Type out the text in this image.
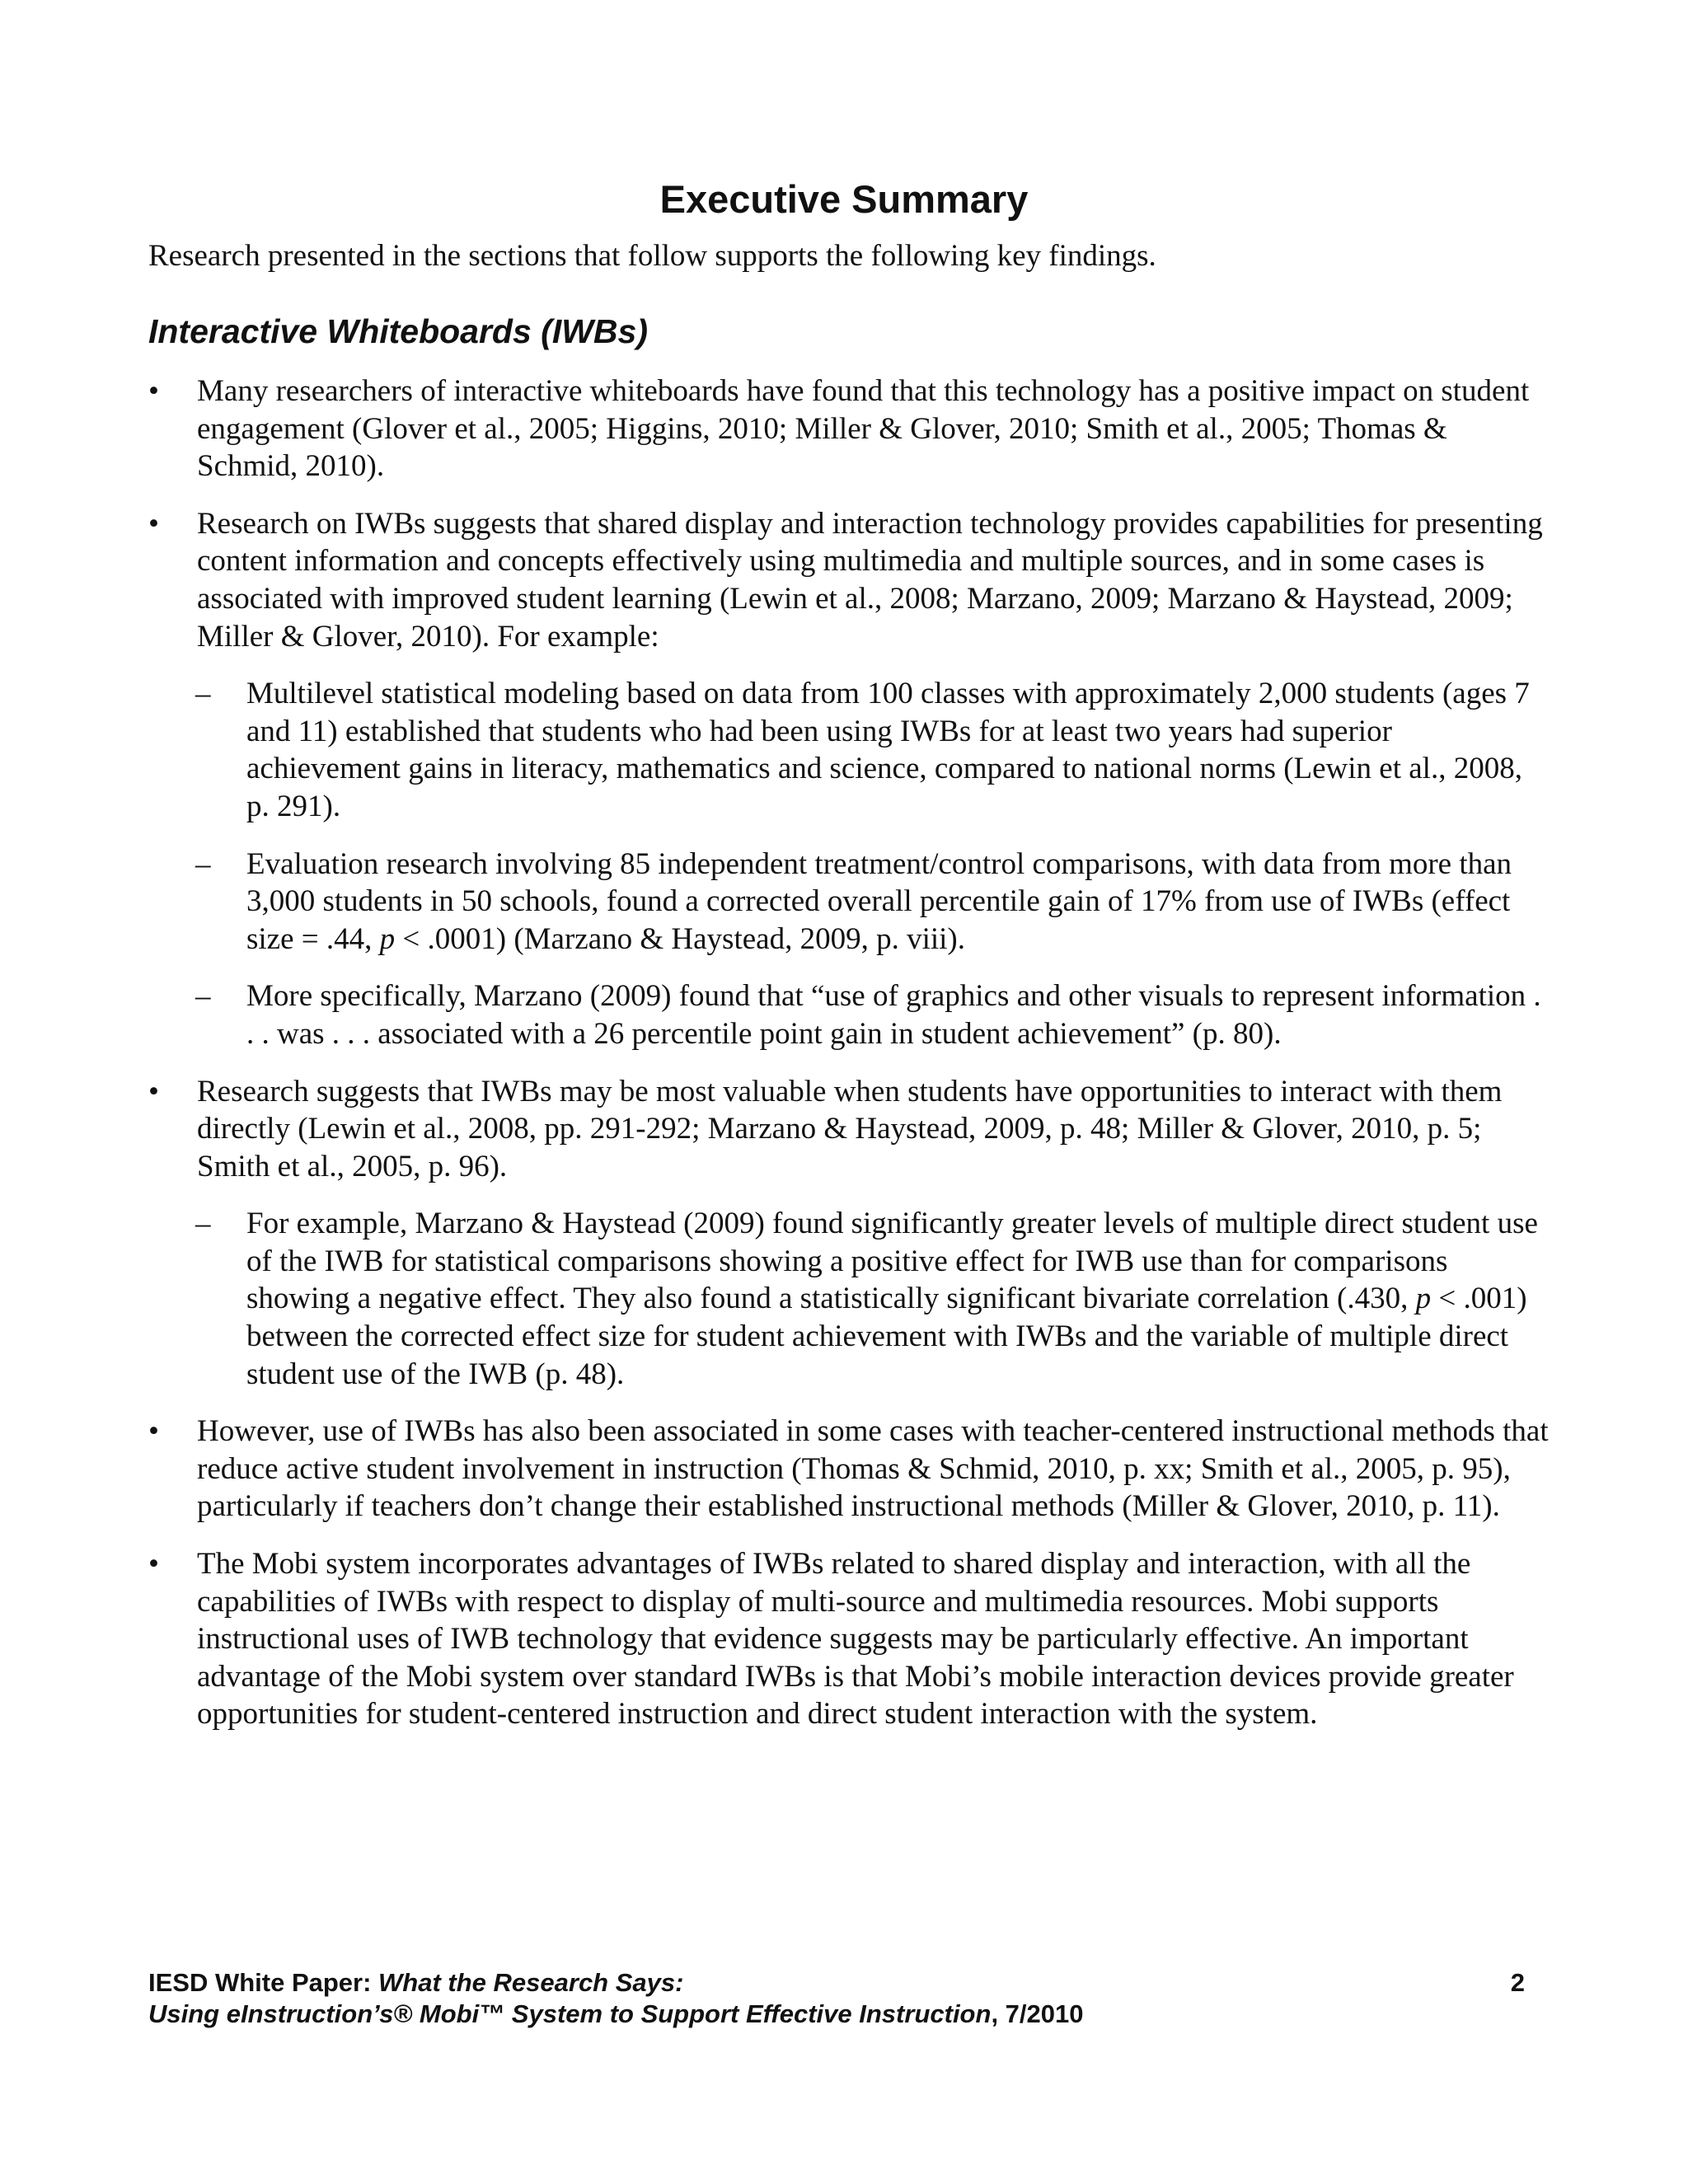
Executive Summary
Research presented in the sections that follow supports the following key findings.
Interactive Whiteboards (IWBs)
•	Many researchers of interactive whiteboards have found that this technology has a positive impact on student engagement (Glover et al., 2005; Higgins, 2010; Miller & Glover, 2010; Smith et al., 2005; Thomas & Schmid, 2010).
•	Research on IWBs suggests that shared display and interaction technology provides capabilities for presenting content information and concepts effectively using multimedia and multiple sources, and in some cases is associated with improved student learning (Lewin et al., 2008; Marzano, 2009; Marzano & Haystead, 2009; Miller & Glover, 2010). For example:
– Multilevel statistical modeling based on data from 100 classes with approximately 2,000 students (ages 7 and 11) established that students who had been using IWBs for at least two years had superior achievement gains in literacy, mathematics and science, compared to national norms (Lewin et al., 2008, p. 291).
– Evaluation research involving 85 independent treatment/control comparisons, with data from more than 3,000 students in 50 schools, found a corrected overall percentile gain of 17% from use of IWBs (effect size = .44, p < .0001) (Marzano & Haystead, 2009, p. viii).
– More specifically, Marzano (2009) found that “use of graphics and other visuals to represent information . . . was . . . associated with a 26 percentile point gain in student achievement” (p. 80).
•	Research suggests that IWBs may be most valuable when students have opportunities to interact with them directly (Lewin et al., 2008, pp. 291-292; Marzano & Haystead, 2009, p. 48; Miller & Glover, 2010, p. 5; Smith et al., 2005, p. 96).
– For example, Marzano & Haystead (2009) found significantly greater levels of multiple direct student use of the IWB for statistical comparisons showing a positive effect for IWB use than for comparisons showing a negative effect. They also found a statistically significant bivariate correlation (.430, p < .001) between the corrected effect size for student achievement with IWBs and the variable of multiple direct student use of the IWB (p. 48).
•	However, use of IWBs has also been associated in some cases with teacher-centered instructional methods that reduce active student involvement in instruction (Thomas & Schmid, 2010, p. xx; Smith et al., 2005, p. 95), particularly if teachers don’t change their established instructional methods (Miller & Glover, 2010, p. 11).
•	The Mobi system incorporates advantages of IWBs related to shared display and interaction, with all the capabilities of IWBs with respect to display of multi-source and multimedia resources. Mobi supports instructional uses of IWB technology that evidence suggests may be particularly effective. An important advantage of the Mobi system over standard IWBs is that Mobi’s mobile interaction devices provide greater opportunities for student-centered instruction and direct student interaction with the system.
IESD White Paper: What the Research Says:
Using eInstruction’s® Mobi™ System to Support Effective Instruction, 7/2010
2
